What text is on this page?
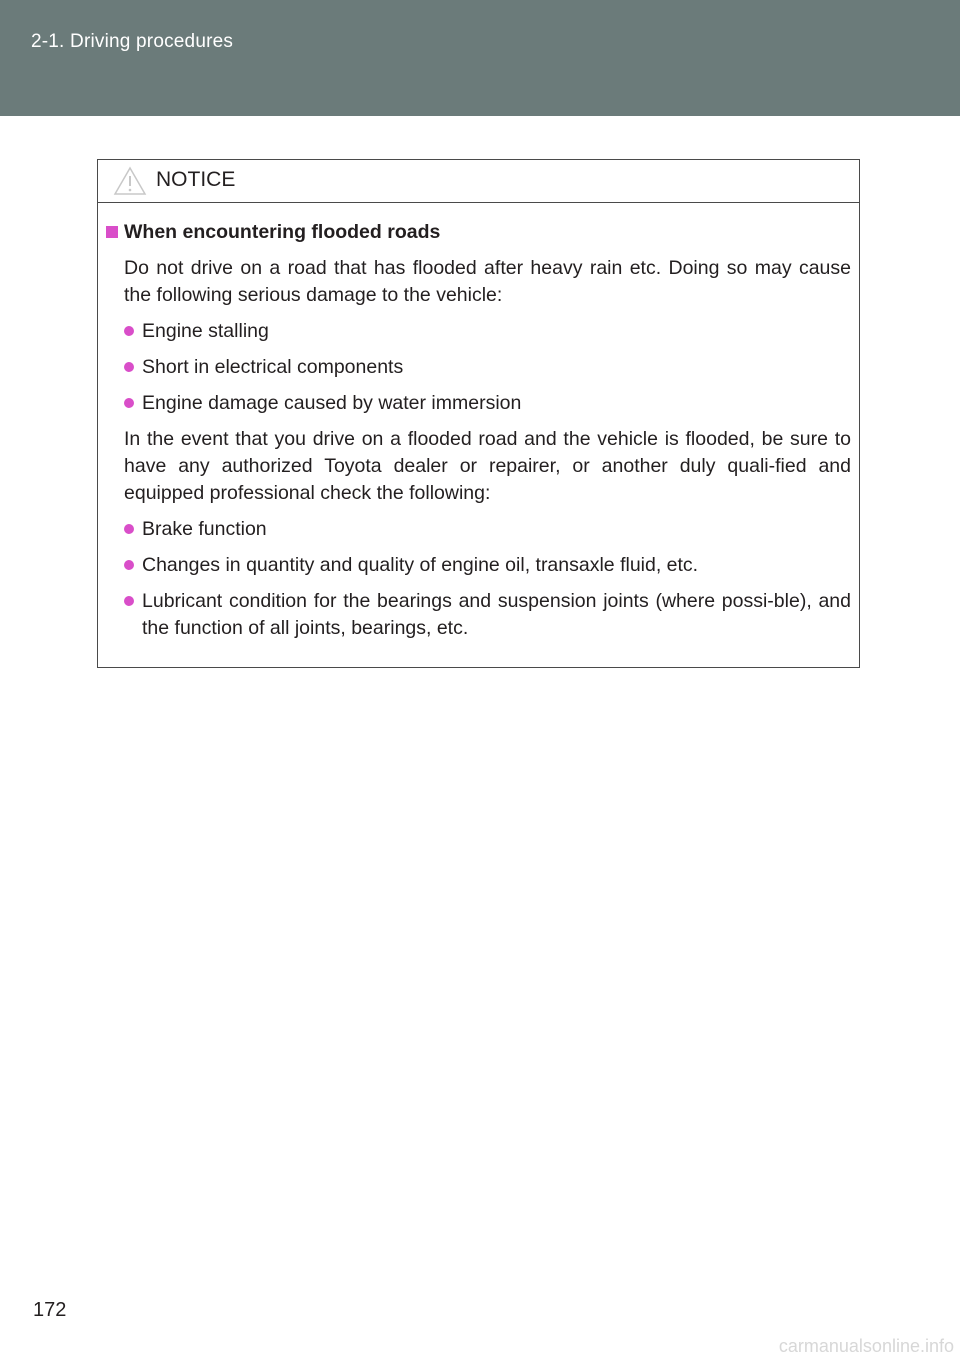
2-1. Driving procedures
NOTICE
When encountering flooded roads
Do not drive on a road that has flooded after heavy rain etc. Doing so may cause the following serious damage to the vehicle:
Engine stalling
Short in electrical components
Engine damage caused by water immersion
In the event that you drive on a flooded road and the vehicle is flooded, be sure to have any authorized Toyota dealer or repairer, or another duly quali-fied and equipped professional check the following:
Brake function
Changes in quantity and quality of engine oil, transaxle fluid, etc.
Lubricant condition for the bearings and suspension joints (where possi-ble), and the function of all joints, bearings, etc.
172
carmanualsonline.info
